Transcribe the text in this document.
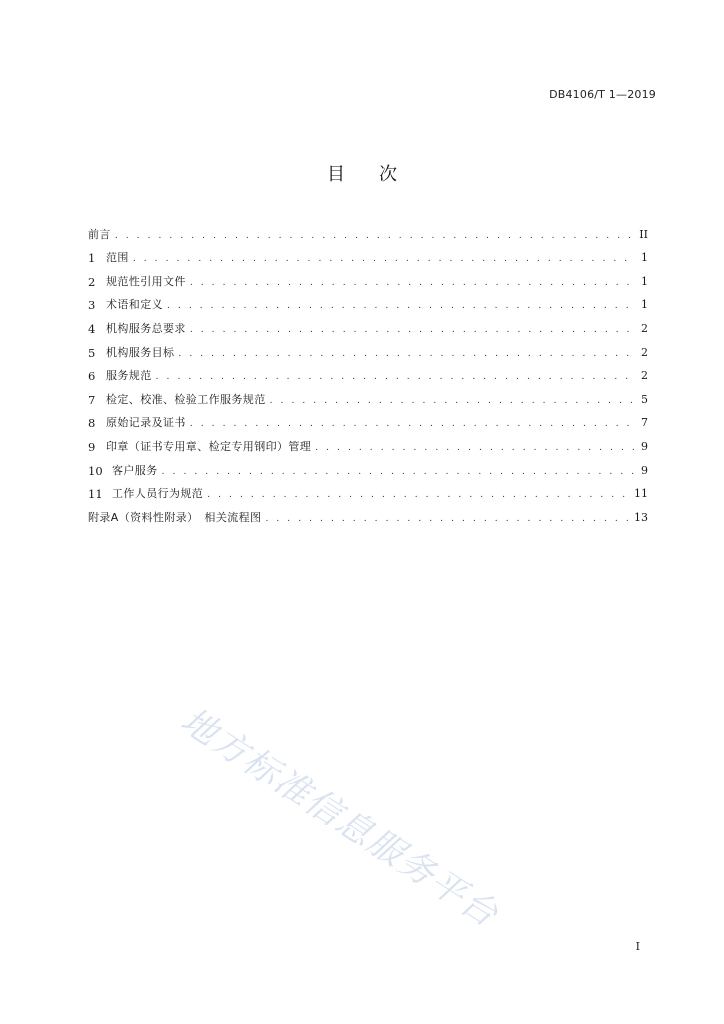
DB4106/T 1—2019
目 次
前言 . . .	II
1 范围 . . .	1
2 规范性引用文件 . . .	1
3 术语和定义 . . .	1
4 机构服务总要求 . . .	2
5 机构服务目标 . . .	2
6 服务规范 . . .	2
7 检定、校准、检验工作服务规范 . . .	5
8 原始记录及证书 . . .	7
9 印章（证书专用章、检定专用钢印）管理 . . .	9
10 客户服务 . . .	9
11 工作人员行为规范 . . .	11
附录A（资料性附录）　相关流程图 . . .	13
地方标准信息服务平台
I
